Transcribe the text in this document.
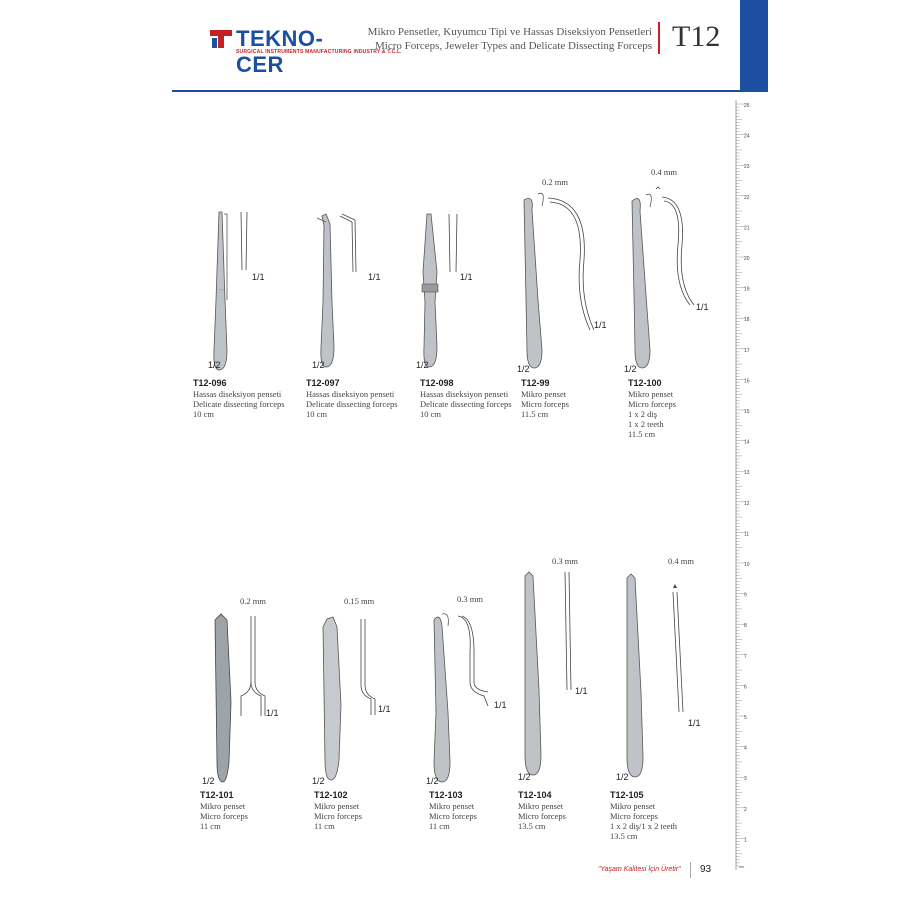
TEKNO-CER
SURGICAL INSTRUMENTS MANUFACTURING INDUSTRY & T.C.L.
Mikro Pensetler, Kuyumcu Tipi ve Hassas Diseksiyon Pensetleri
Micro Forceps, Jeweler Types and Delicate Dissecting Forceps T12
25
24
23
22
21
20
19
18
17
16
15
14
13
12
11
10
9
8
7
6
5
4
3
2
1
cm
1/1
1/2
1/1
1/2
1/1
1/2
1/1
1/2
1/1
1/2
1/1
1/2
1/1
1/2
1/1
1/2
1/1
1/2
1/1
1/2
0.2 mm
0.4 mm
0.2 mm	0.15 mm	0.3 mm
0.3 mm	0.4 mm
T12-096
Hassas diseksiyon penseti
Delicate dissecting forceps
10 cm
T12-097
Hassas diseksiyon penseti
Delicate dissecting forceps
10 cm
T12-098
Hassas diseksiyon penseti
Delicate dissecting forceps
10 cm
T12-99
Mikro penset
Micro forceps
11.5 cm
T12-100
Mikro penset
Micro forceps
1 x 2 diş
1 x 2 teeth
11.5 cm
T12-101
Mikro penset
Micro forceps
11 cm
T12-102
Mikro penset
Micro forceps
11 cm
T12-103
Mikro penset
Micro forceps
11 cm
T12-104
Mikro penset
Micro forceps
13.5 cm
T12-105
Mikro penset
Micro forceps
1 x 2 diş/1 x 2 teeth
13.5 cm
"Yaşam Kalitesi İçin Üretir" 93
